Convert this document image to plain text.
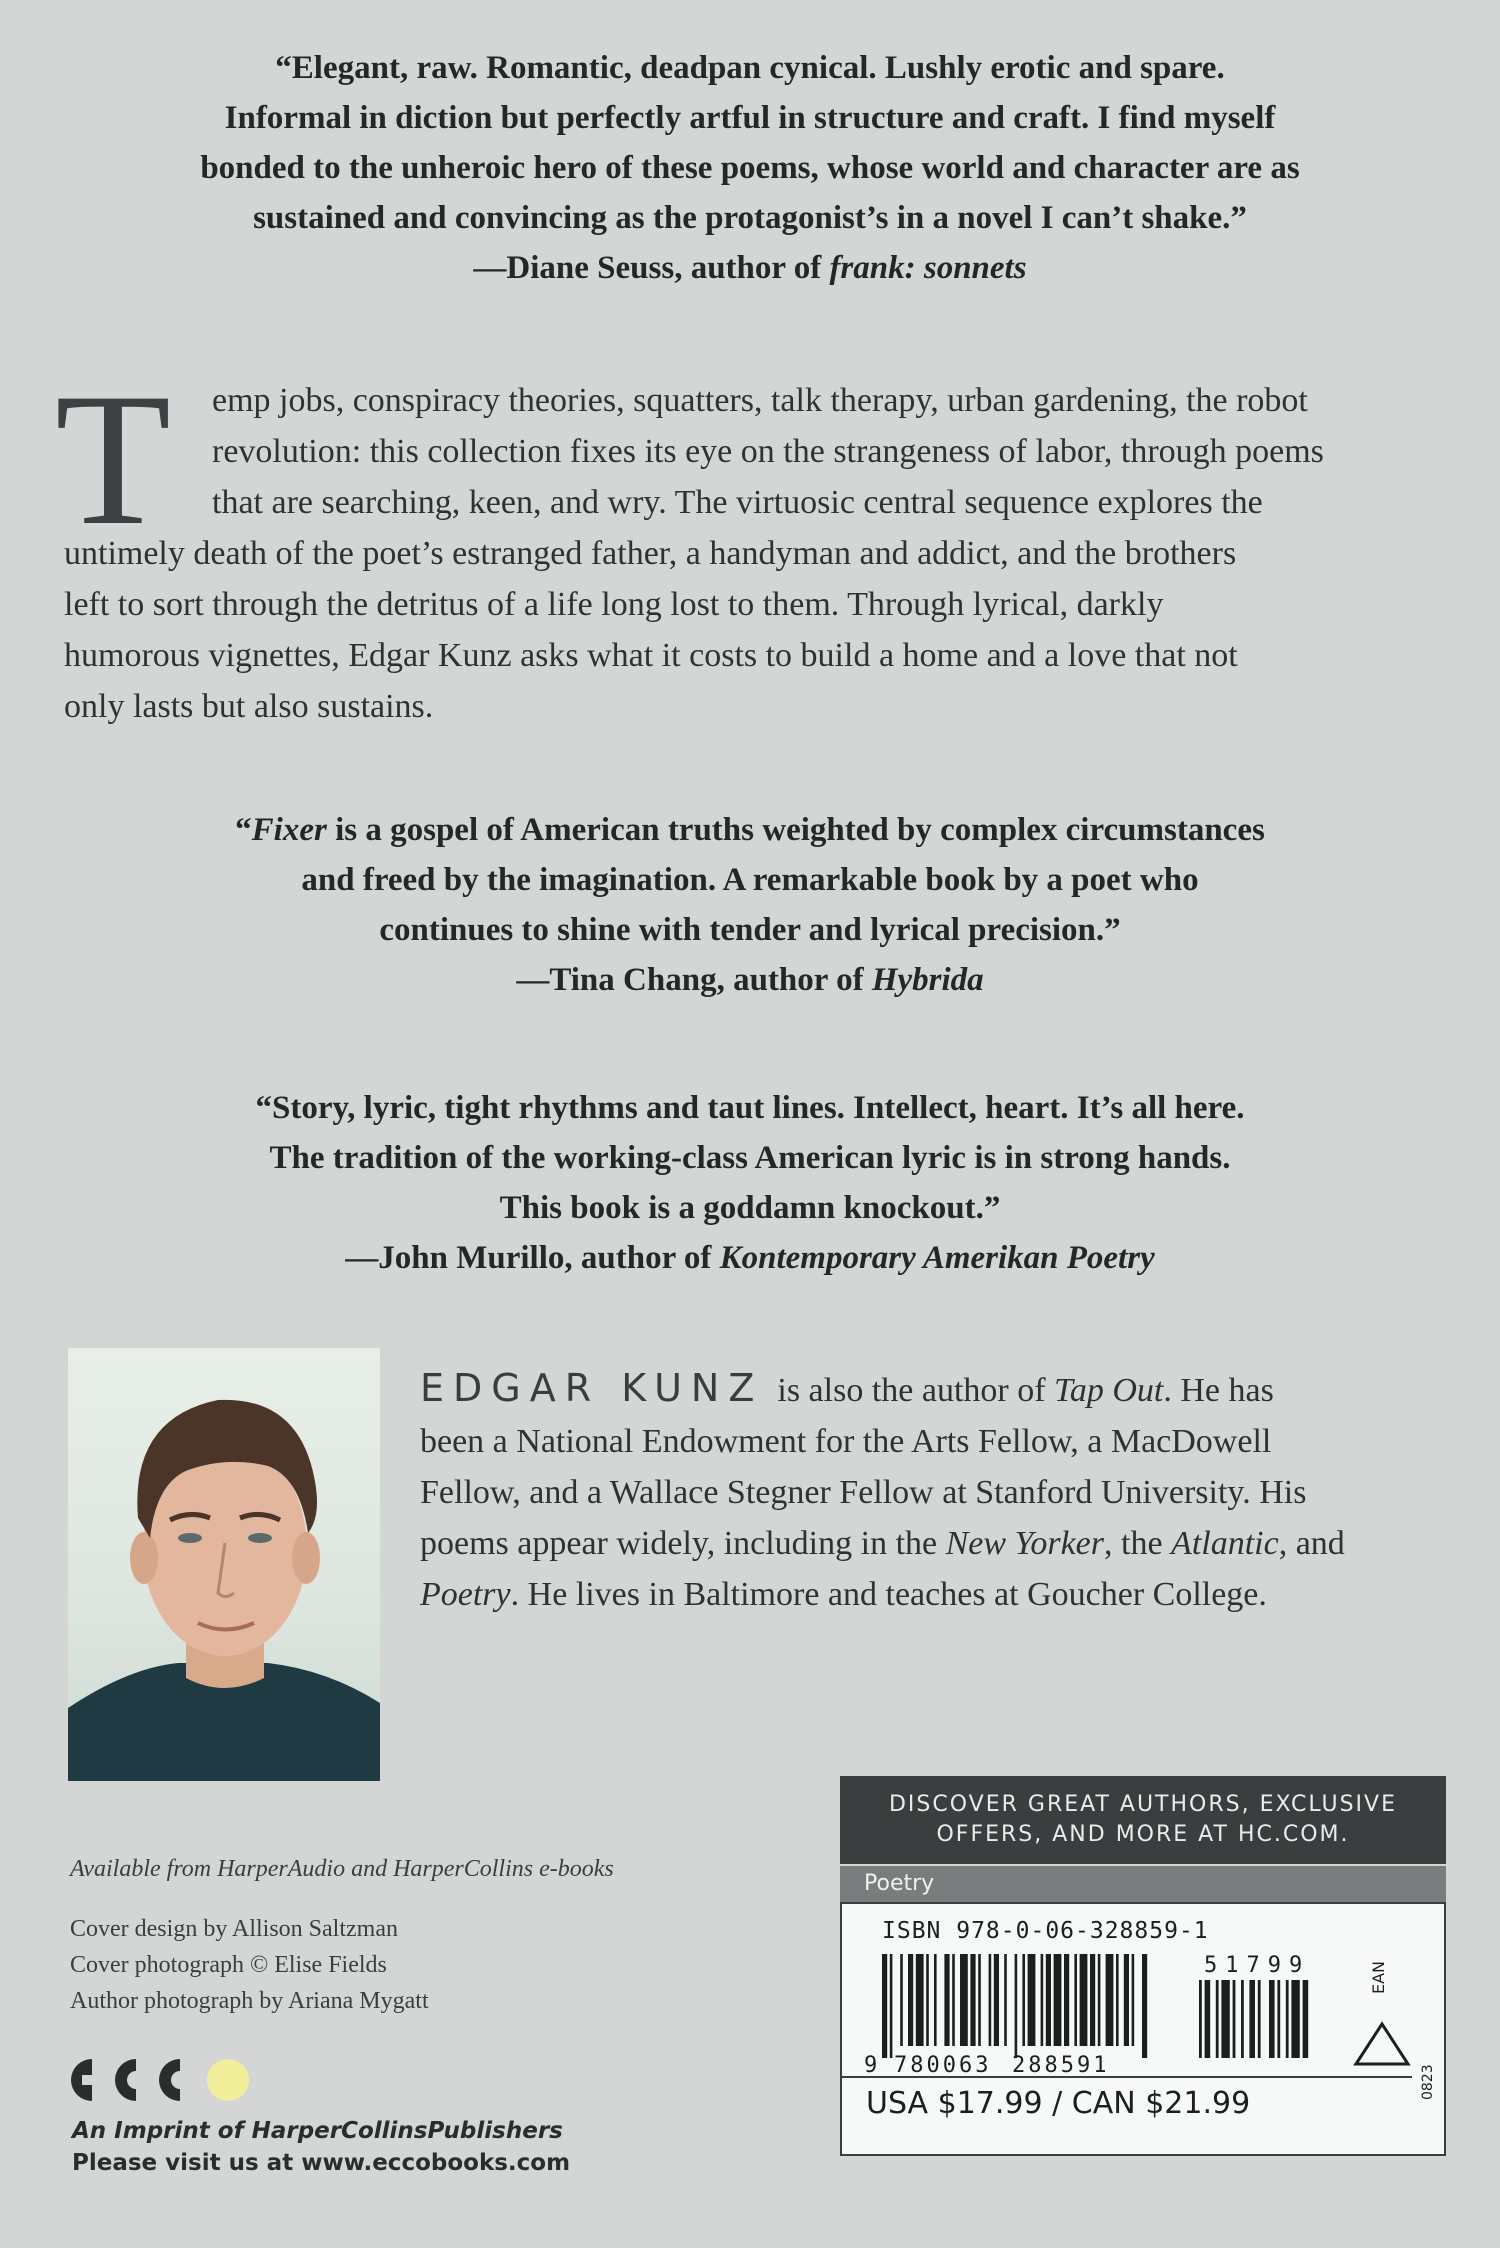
“Elegant, raw. Romantic, deadpan cynical. Lushly erotic and spare.
Informal in diction but perfectly artful in structure and craft. I find myself
bonded to the unheroic hero of these poems, whose world and character are as
sustained and convincing as the protagonist’s in a novel I can’t shake.”
—Diane Seuss, author of frank: sonnets
T	emp jobs, conspiracy theories, squatters, talk therapy, urban gardening, the robot
revolution: this collection fixes its eye on the strangeness of labor, through poems
that are searching, keen, and wry. The virtuosic central sequence explores the
untimely death of the poet’s estranged father, a handyman and addict, and the brothers
left to sort through the detritus of a life long lost to them. Through lyrical, darkly
humorous vignettes, Edgar Kunz asks what it costs to build a home and a love that not
only lasts but also sustains.
“Fixer is a gospel of American truths weighted by complex circumstances
and freed by the imagination. A remarkable book by a poet who
continues to shine with tender and lyrical precision.”
—Tina Chang, author of Hybrida
“Story, lyric, tight rhythms and taut lines. Intellect, heart. It’s all here.
The tradition of the working-class American lyric is in strong hands.
This book is a goddamn knockout.”
—John Murillo, author of Kontemporary Amerikan Poetry
EDGAR KUNZ is also the author of Tap Out. He has
been a National Endowment for the Arts Fellow, a MacDowell
Fellow, and a Wallace Stegner Fellow at Stanford University. His
poems appear widely, including in the New Yorker, the Atlantic, and
Poetry. He lives in Baltimore and teaches at Goucher College.
Available from HarperAudio and HarperCollins e-books
Cover design by Allison Saltzman
Cover photograph © Elise Fields
Author photograph by Ariana Mygatt
An Imprint of HarperCollinsPublishers
Please visit us at www.eccobooks.com
DISCOVER GREAT AUTHORS, EXCLUSIVE
OFFERS, AND MORE AT HC.COM.
Poetry
ISBN 978-0-06-328859-1
9 780063 288591
51799	EAN
USA $17.99 / CAN $21.99
0823
